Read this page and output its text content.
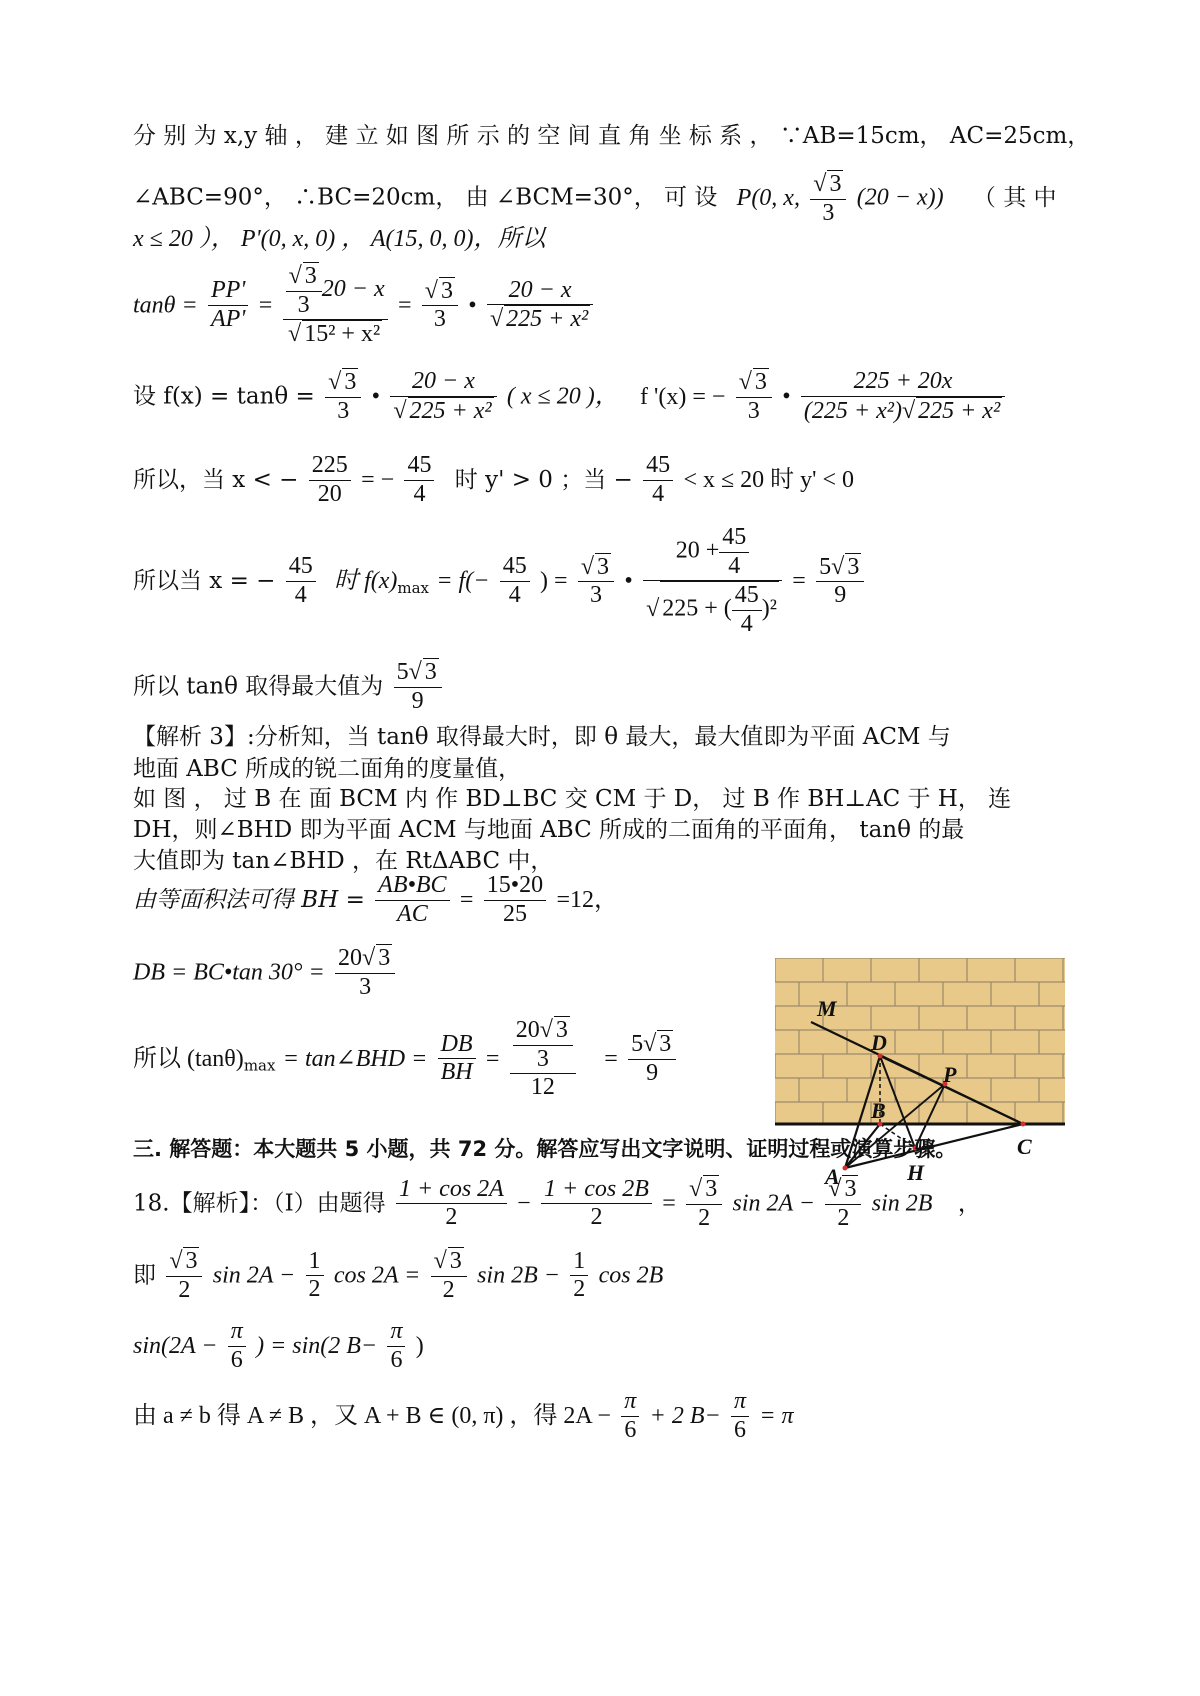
分 别 为 x,y 轴 ， 建 立 如 图 所 示 的 空 间 直 角 坐 标 系 ， ∵AB=15cm， AC=25cm，
∠ABC=90°， ∴BC=20cm， 由 ∠BCM=30°， 可 设 P(0, x, √ $\frac{3}{3} (20 - x)$) （ 其 中
x ≤ 20 ）， P'(0, x, 0) ， A(15, 0, 0)，所以
$\tan\theta = \frac{PP'}{AP'}$ = √ $\frac{3}{3} 20 - x$
√ 15² + x² = √ $\frac{3}{3}$ • 20 − x
√ 225 + x²
设 f(x) = tanθ = √ $\frac{3}{3}$ • 20 − x
√ 225 + x² ( x ≤ 20 )， f '(x) = − √ $\frac{3}{3}$ • $\frac{225 + 20x}{\text{(225 + x²) √ 225 + x²}}$
所以，当 x < − $\frac{225}{20}$ = − $\frac{45}{4}$ 时 y' > 0 ；当 − $\frac{45}{4} < x \le 20$ 时 y' < 0
所以当 x = − $\frac{45}{4}$ 时 $f(x)_{max} = f(- \frac{45}{4}$ ) = √ $\frac{3}{3}$ • $20 + \frac{45}{4}$
√ 225 + ( $\frac{45}{4} )^2 = \frac{5 √ 3}{9}$
所以 tanθ 取得最大值为 $\frac{5 √ 3}{9}$
【解析 3】:分析知，当 tanθ 取得最大时，即 θ 最大，最大值即为平面 ACM 与
地面 ABC 所成的锐二面角的度量值，
如 图 ， 过 B 在 面 BCM 内 作 BD⊥BC 交 CM 于 D， 过 B 作 BH⊥AC 于 H， 连
DH，则∠BHD 即为平面 ACM 与地面 ABC 所成的二面角的平面角， tanθ 的最
大值即为 tan∠BHD ，在 RtΔABC 中，
由等面积法可得 BH = $\frac{AB•BC}{AC} = \frac{15•20}{25} =12$，
DB = BC•tan $30^\circ = \frac{20 √ 3}{3}$
所以 $(\tan\theta)_{max}$ = tan∠BHD = $\frac{DB}{BH} = \frac{\frac{20 √ 3}{3}}{12} = \frac{5 √ 3}{9}$
M
D
P
B
C
A	H
三. 解答题：本大题共 5 小题，共 72 分。解答应写出文字说明、证明过程或演算步骤。
18.【解析】：（I）由题得 $\frac{1 + \cos 2A}{2} - \frac{1 + \cos 2B}{2}$ = √ $\frac{3}{2}$ sin 2A − √ $\frac{3}{2}$ sin 2B ，
即 √ $\frac{3}{2}$ $\sin 2A - \frac{1}{2}$ cos 2A = √ $\frac{3}{2}$ $\sin 2B - \frac{1}{2}$ cos 2B
$\sin(2A - \frac{\pi}{6}$ ) = sin(2 $B- \frac{\pi}{6}$ )
由 a ≠ b 得 A ≠ B ，又 A + B ∈ (0, π) ，得 $2A - \frac{\pi}{6} + 2$ $B- \frac{\pi}{6} = \pi$
